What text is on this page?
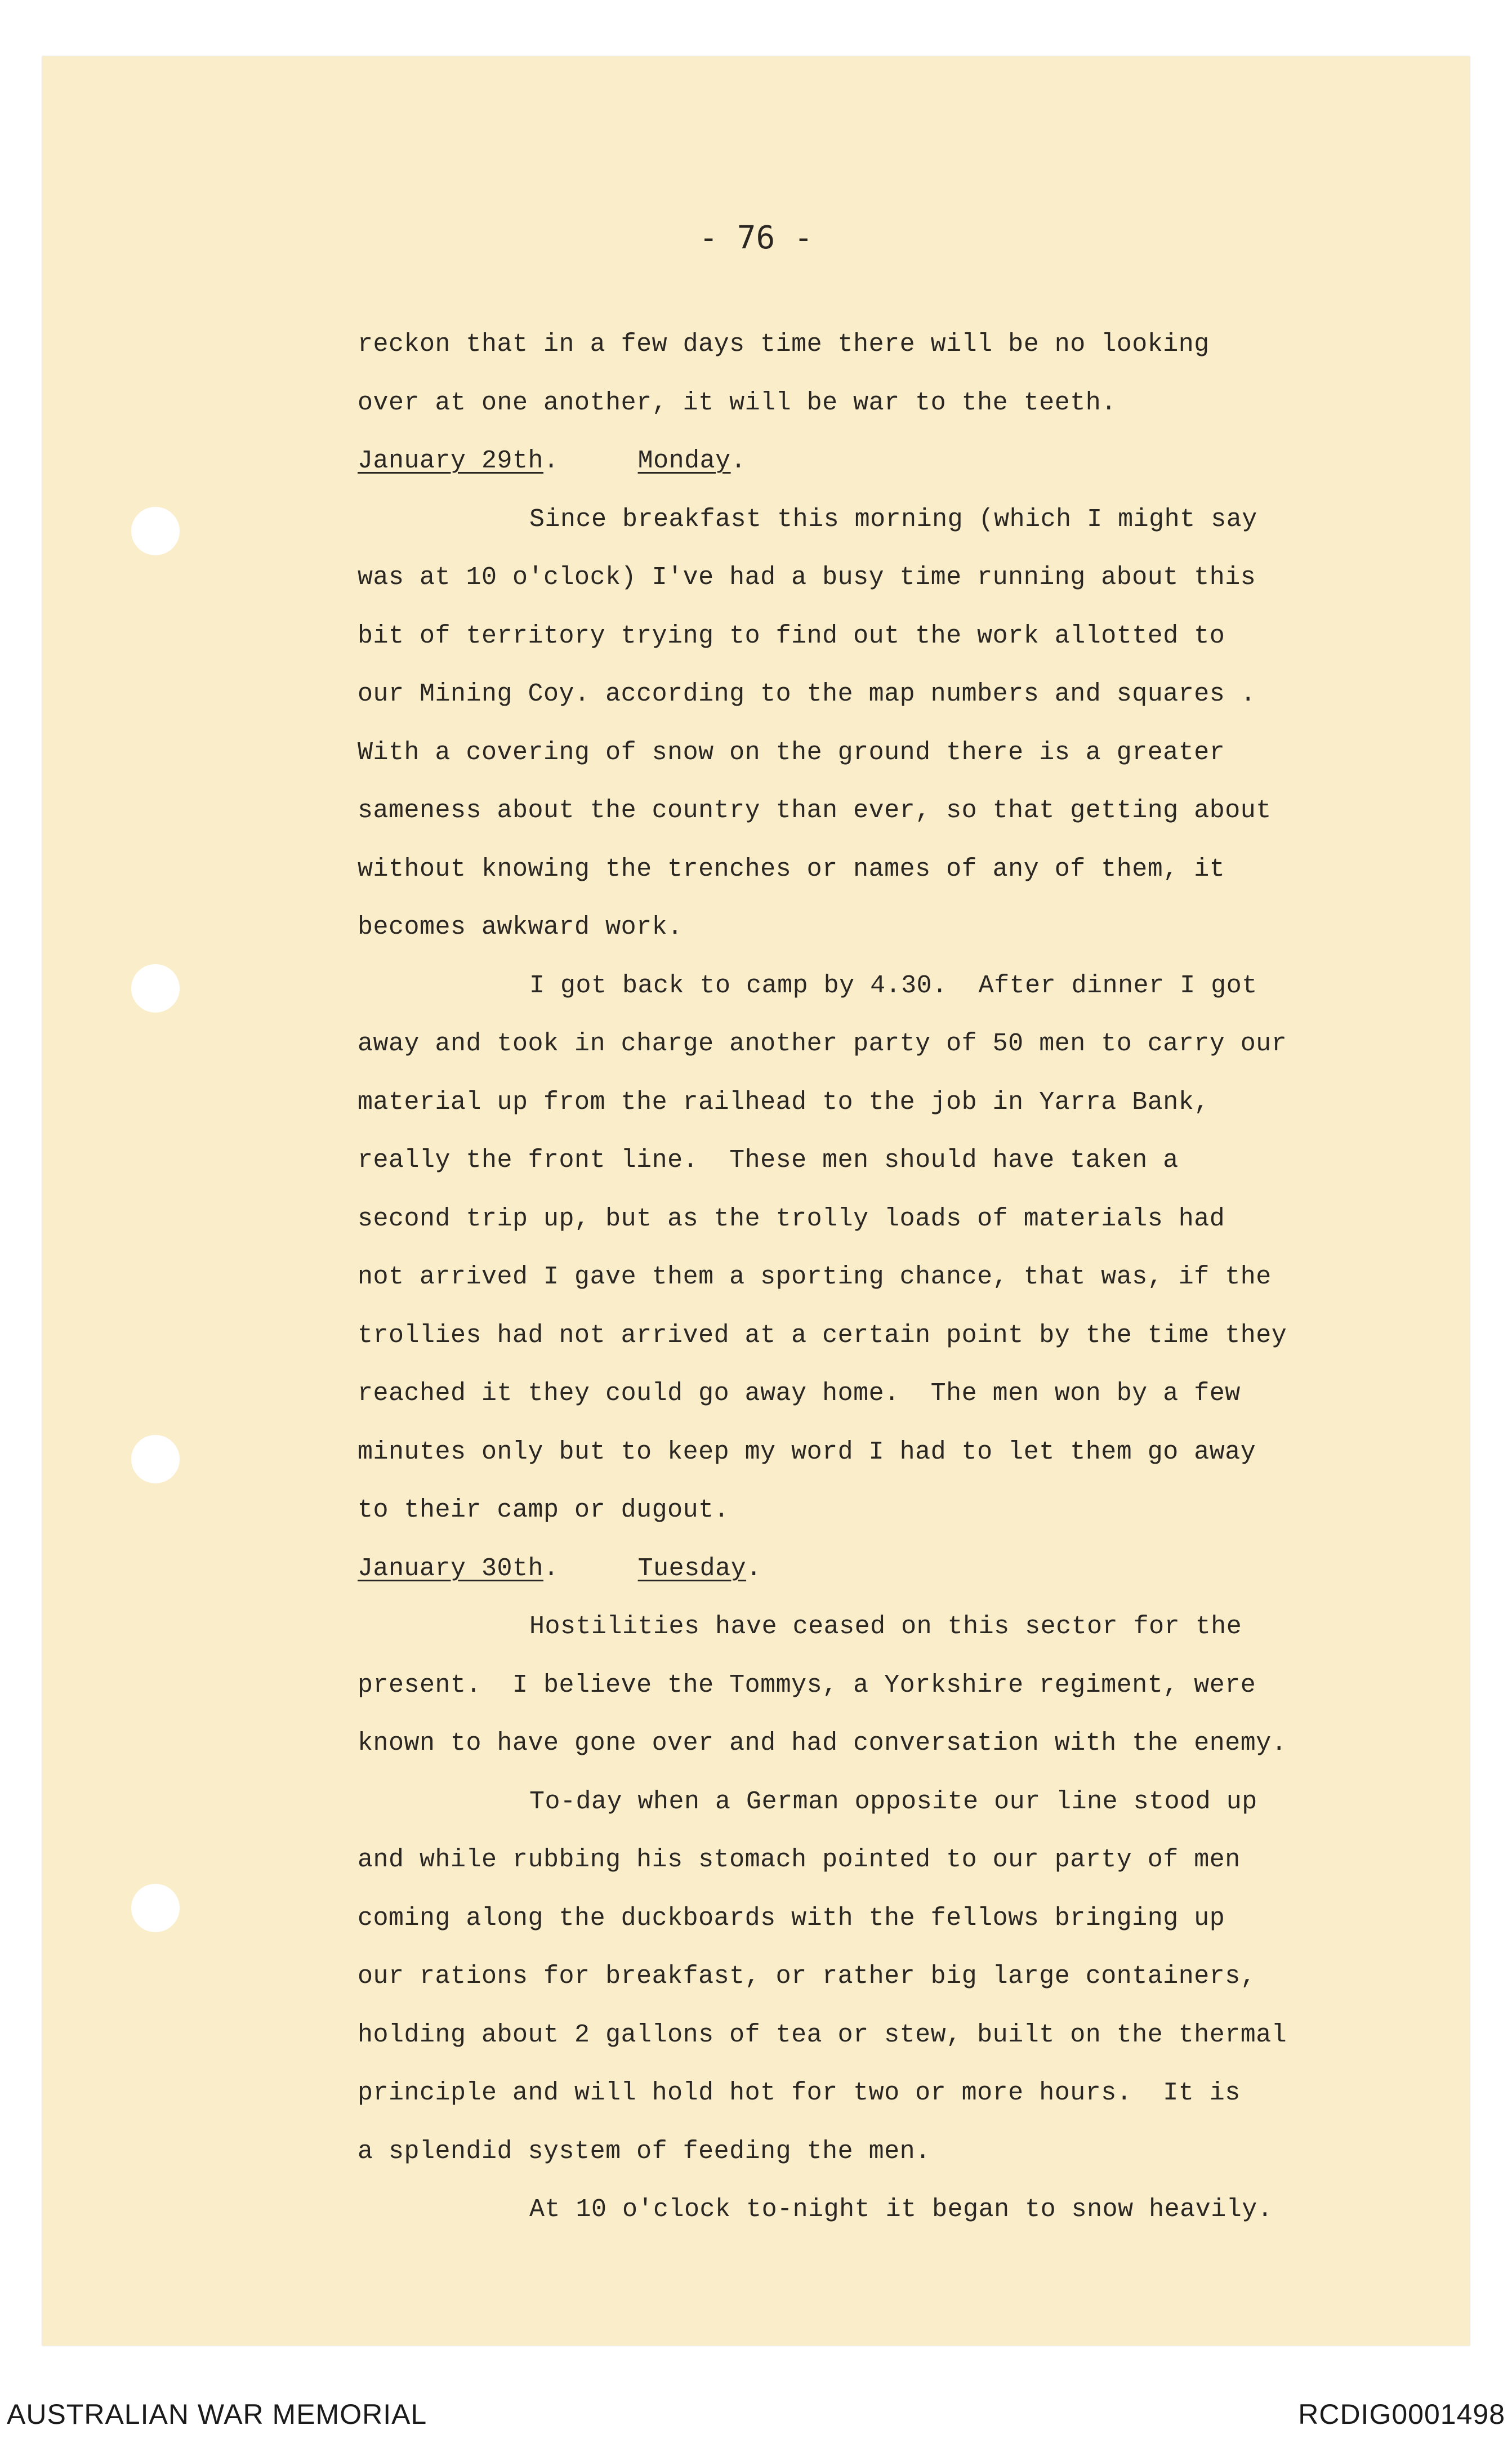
- 76 -
reckon that in a few days time there will be no looking
over at one another, it will be war to the teeth.
January 29th.	Monday.
Since breakfast this morning (which I might say
was at 10 o'clock) I've had a busy time running about this
bit of territory trying to find out the work allotted to
our Mining Coy. according to the map numbers and squares .
With a covering of snow on the ground there is a greater
sameness about the country than ever, so that getting about
without knowing the trenches or names of any of them, it
becomes awkward work.
I got back to camp by 4.30.  After dinner I got
away and took in charge another party of 50 men to carry our
material up from the railhead to the job in Yarra Bank,
really the front line.  These men should have taken a
second trip up, but as the trolly loads of materials had
not arrived I gave them a sporting chance, that was, if the
trollies had not arrived at a certain point by the time they
reached it they could go away home.  The men won by a few
minutes only but to keep my word I had to let them go away
to their camp or dugout.
January 30th.	Tuesday.
Hostilities have ceased on this sector for the
present.  I believe the Tommys, a Yorkshire regiment, were
known to have gone over and had conversation with the enemy.
To-day when a German opposite our line stood up
and while rubbing his stomach pointed to our party of men
coming along the duckboards with the fellows bringing up
our rations for breakfast, or rather big large containers,
holding about 2 gallons of tea or stew, built on the thermal
principle and will hold hot for two or more hours.  It is
a splendid system of feeding the men.
At 10 o'clock to-night it began to snow heavily.
AUSTRALIAN WAR MEMORIAL	RCDIG0001498
